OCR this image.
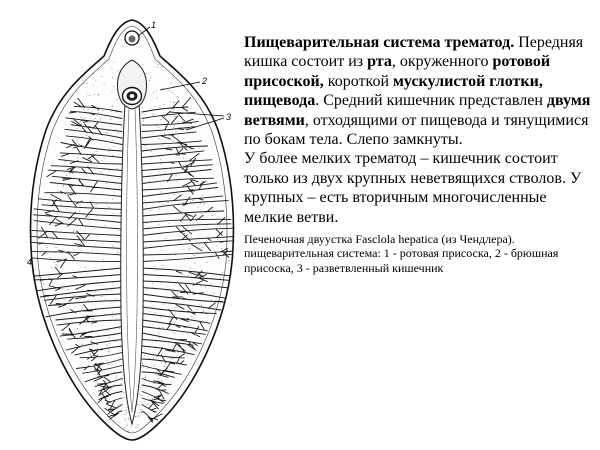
1
2
3
4

Пищеварительная система трематод. Передняя кишка состоит из рта, окруженного ротовой присоской, короткой мускулистой глотки, пищевода. Средний кишечник представлен двумя ветвями, отходящими от пищевода и тянущимися по бокам тела. Слепо замкнуты.
У более мелких трематод – кишечник состоит только из двух крупных неветвящихся стволов. У крупных – есть вторичным многочисленные мелкие ветви.

Печеночная двуустка Fasclola hepatica (из Чендлера). пищеварительная система: 1 - ротовая присоска, 2 - брюшная присоска, 3 - разветвленный кишечник
